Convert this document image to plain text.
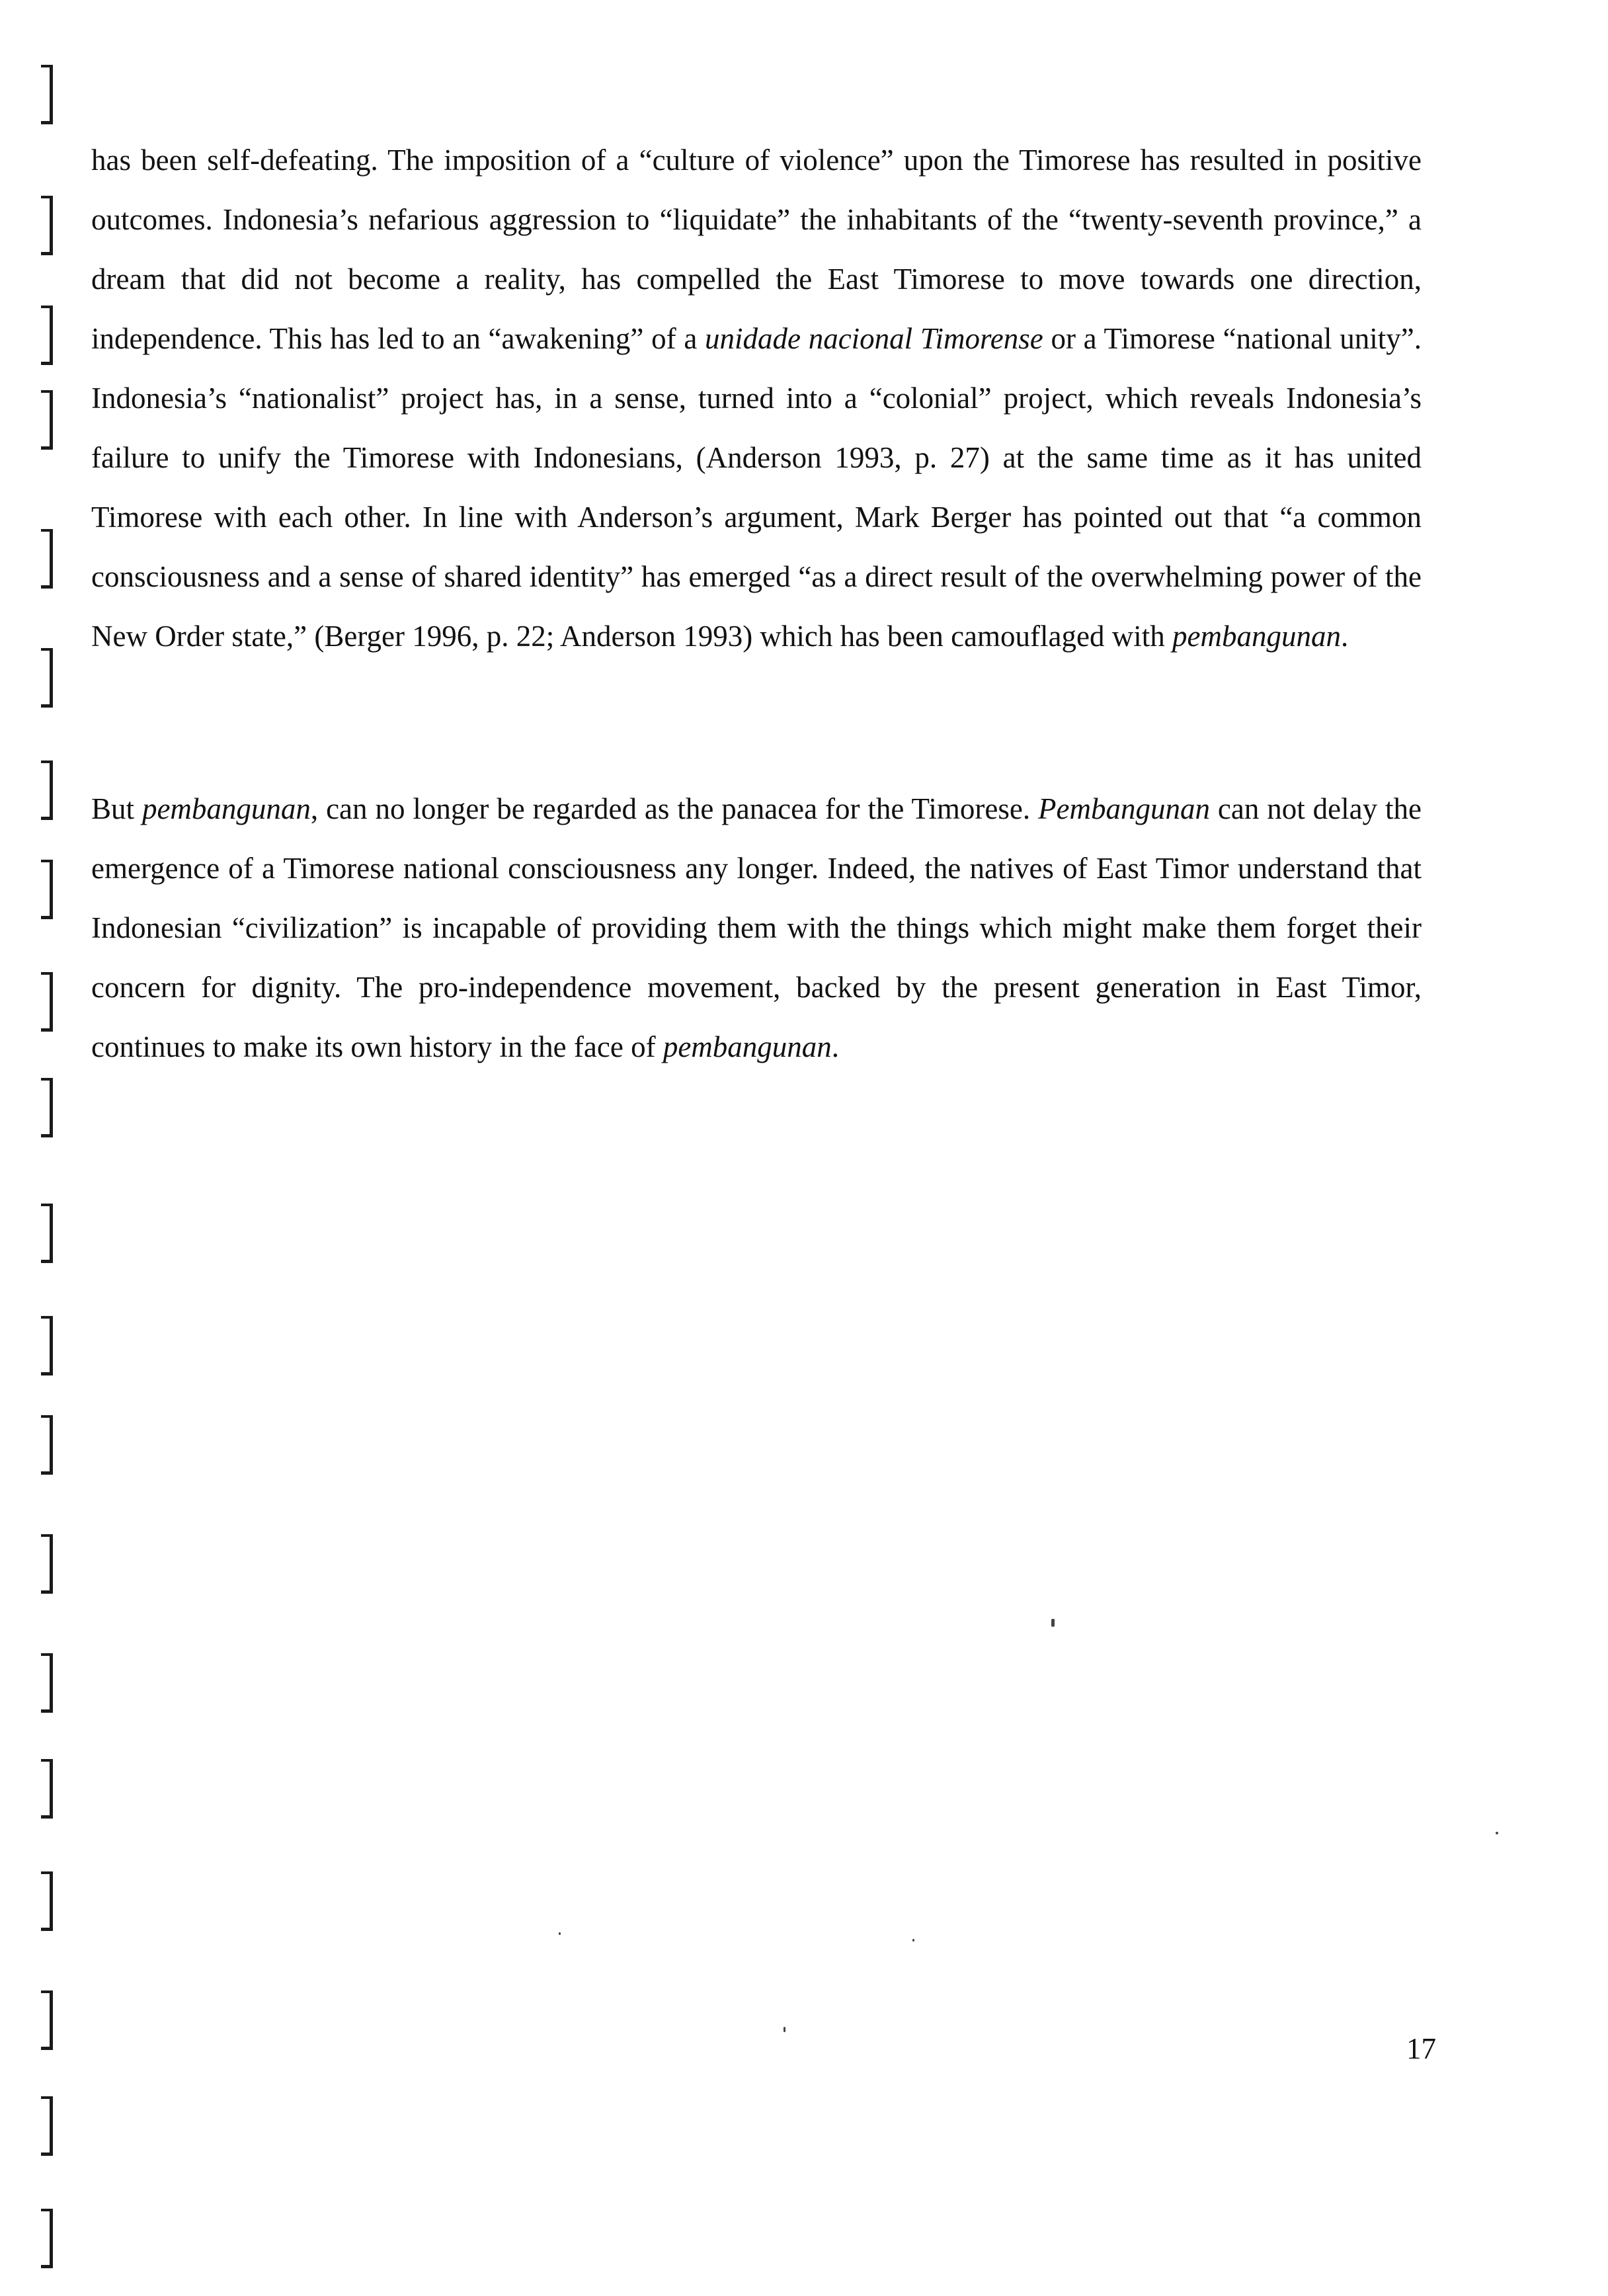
has been self-defeating. The imposition of a “culture of violence” upon the Timorese has resulted in positive outcomes. Indonesia’s nefarious aggression to “liquidate” the inhabitants of the “twenty-seventh province,” a dream that did not become a reality, has compelled the East Timorese to move towards one direction, independence. This has led to an “awakening” of a unidade nacional Timorense or a Timorese “national unity”. Indonesia’s “nationalist” project has, in a sense, turned into a “colonial” project, which reveals Indonesia’s failure to unify the Timorese with Indonesians, (Anderson 1993, p. 27) at the same time as it has united Timorese with each other. In line with Anderson’s argument, Mark Berger has pointed out that “a common consciousness and a sense of shared identity” has emerged “as a direct result of the overwhelming power of the New Order state,” (Berger 1996, p. 22; Anderson 1993) which has been camouflaged with pembangunan.

But pembangunan, can no longer be regarded as the panacea for the Timorese. Pembangunan can not delay the emergence of a Timorese national consciousness any longer. Indeed, the natives of East Timor understand that Indonesian “civilization” is incapable of providing them with the things which might make them forget their concern for dignity. The pro-independence movement, backed by the present generation in East Timor, continues to make its own history in the face of pembangunan.

17
